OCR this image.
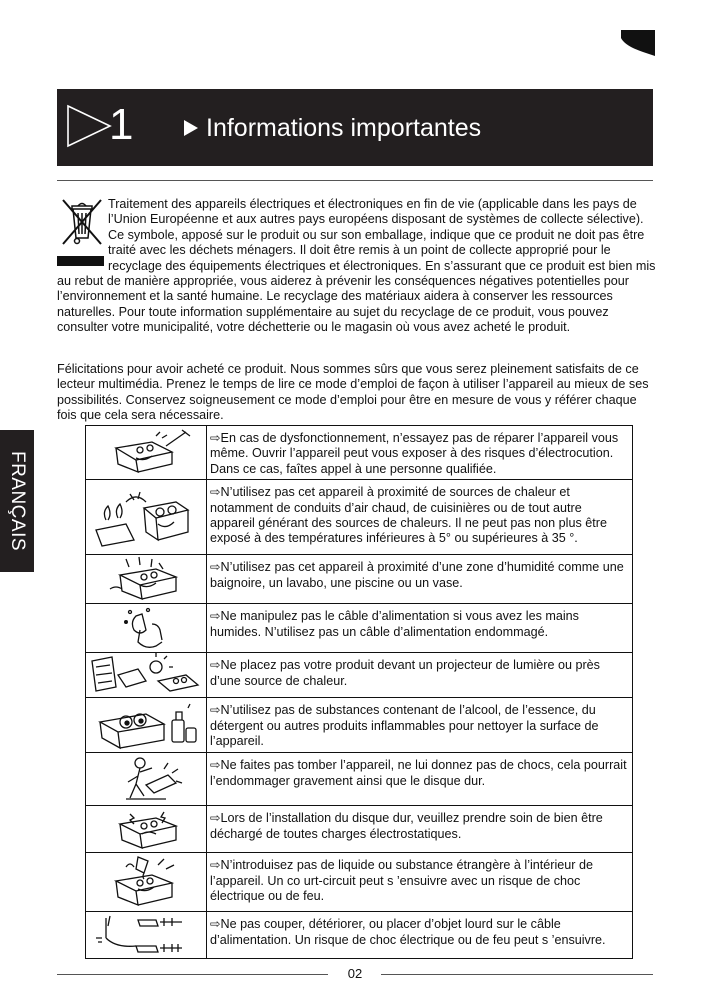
1	Informations importantes

Traitement des appareils électriques et électroniques en fin de vie (applicable dans les pays de l’Union Européenne et aux autres pays européens disposant de systèmes de collecte sélective). Ce symbole, apposé sur le produit ou sur son emballage, indique que ce produit ne doit pas être traité avec les déchets ménagers. Il doit être remis à un point de collecte approprié pour le recyclage des équipements électriques et électroniques. En s’assurant que ce produit est bien mis au rebut de manière appropriée, vous aiderez à prévenir les conséquences négatives potentielles pour l’environnement et la santé humaine. Le recyclage des matériaux aidera à conserver les ressources naturelles. Pour toute information supplémentaire au sujet du recyclage de ce produit, vous pouvez consulter votre municipalité, votre déchetterie ou le magasin où vous avez acheté le produit.

Félicitations pour avoir acheté ce produit. Nous sommes sûrs que vous serez pleinement satisfaits de ce lecteur multimédia. Prenez le temps de lire ce mode d’emploi de façon à utiliser l’appareil au mieux de ses possibilités. Conservez soigneusement ce mode d’emploi pour être en mesure de vous y référer chaque fois que cela sera nécessaire.

FRANÇAIS
	⇨En cas de dysfonctionnement, n’essayez pas de réparer l’appareil vous même. Ouvrir l’appareil peut vous exposer à des risques d’électrocution. Dans ce cas, faîtes appel à une personne qualifiée.

	⇨N’utilisez pas cet appareil à proximité de sources de chaleur et notamment de conduits d’air chaud, de cuisinières ou de tout autre appareil générant des sources de chaleurs. Il ne peut pas non plus être exposé à des températures inférieures à 5° ou supérieures à 35 °.

	⇨N’utilisez pas cet appareil à proximité d’une zone d’humidité comme une baignoire, un lavabo, une piscine ou un vase.

	⇨Ne manipulez pas le câble d’alimentation si vous avez les mains humides. N’utilisez pas un câble d’alimentation endommagé.

	⇨Ne placez pas votre produit devant un projecteur de lumière ou près d’une source de chaleur.

	⇨N’utilisez pas de substances contenant de l’alcool, de l’essence, du détergent ou autres produits inflammables pour nettoyer la surface de l’appareil.

	⇨Ne faites pas tomber l’appareil, ne lui donnez pas de chocs, cela pourrait l’endommager gravement ainsi que le disque dur.

	⇨Lors de l’installation du disque dur, veuillez prendre soin de bien être déchargé de toutes charges électrostatiques.

	⇨N’introduisez pas de liquide ou substance étrangère à l’intérieur de l’appareil. Un co urt-circuit peut s ’ensuivre avec un risque de choc électrique ou de feu.

	⇨Ne pas couper, détériorer, ou placer d’objet lourd sur le câble d’alimentation. Un risque de choc électrique ou de feu peut s ’ensuivre.
02
